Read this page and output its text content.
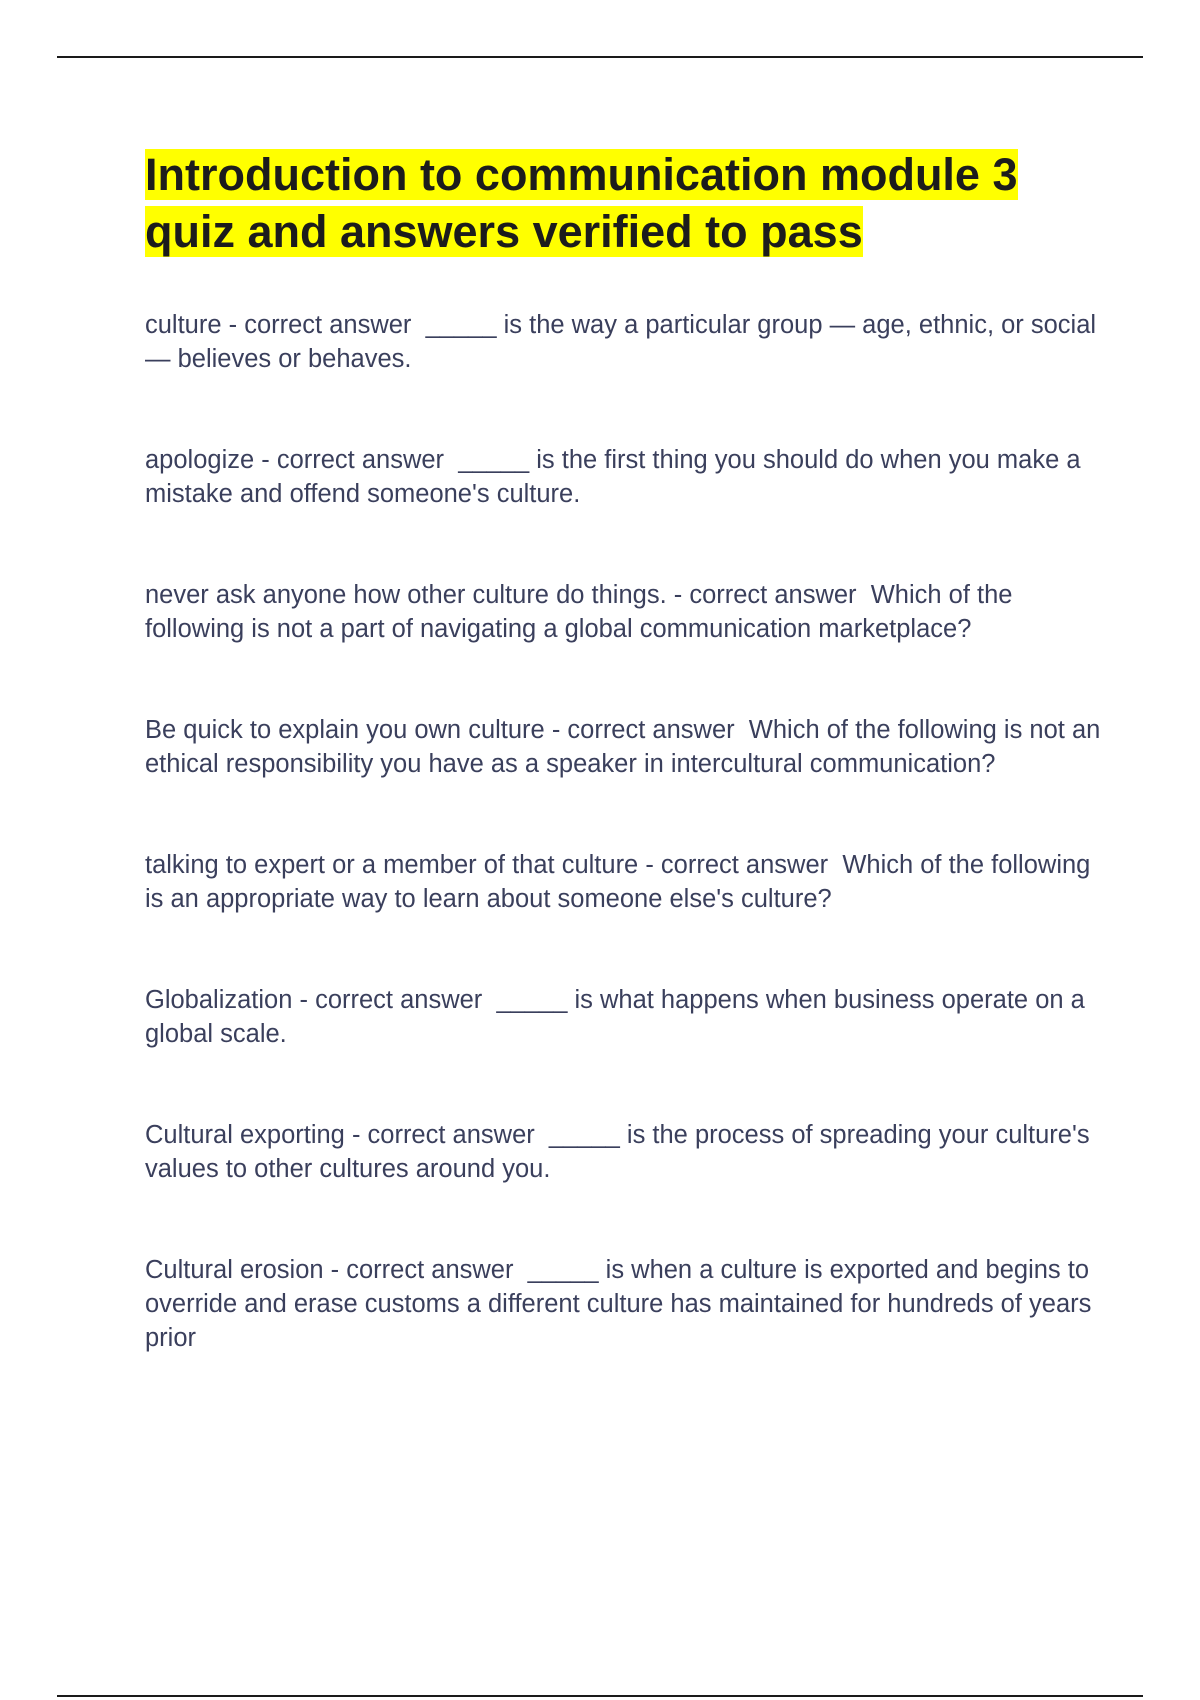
Introduction to communication module 3 quiz and answers verified to pass

culture - correct answer  _____ is the way a particular group — age, ethnic, or social — believes or behaves.

apologize - correct answer  _____ is the first thing you should do when you make a mistake and offend someone's culture.

never ask anyone how other culture do things. - correct answer  Which of the following is not a part of navigating a global communication marketplace?

Be quick to explain you own culture - correct answer  Which of the following is not an ethical responsibility you have as a speaker in intercultural communication?

talking to expert or a member of that culture - correct answer  Which of the following is an appropriate way to learn about someone else's culture?

Globalization - correct answer  _____ is what happens when business operate on a global scale.

Cultural exporting - correct answer  _____ is the process of spreading your culture's values to other cultures around you.

Cultural erosion - correct answer  _____ is when a culture is exported and begins to override and erase customs a different culture has maintained for hundreds of years prior
